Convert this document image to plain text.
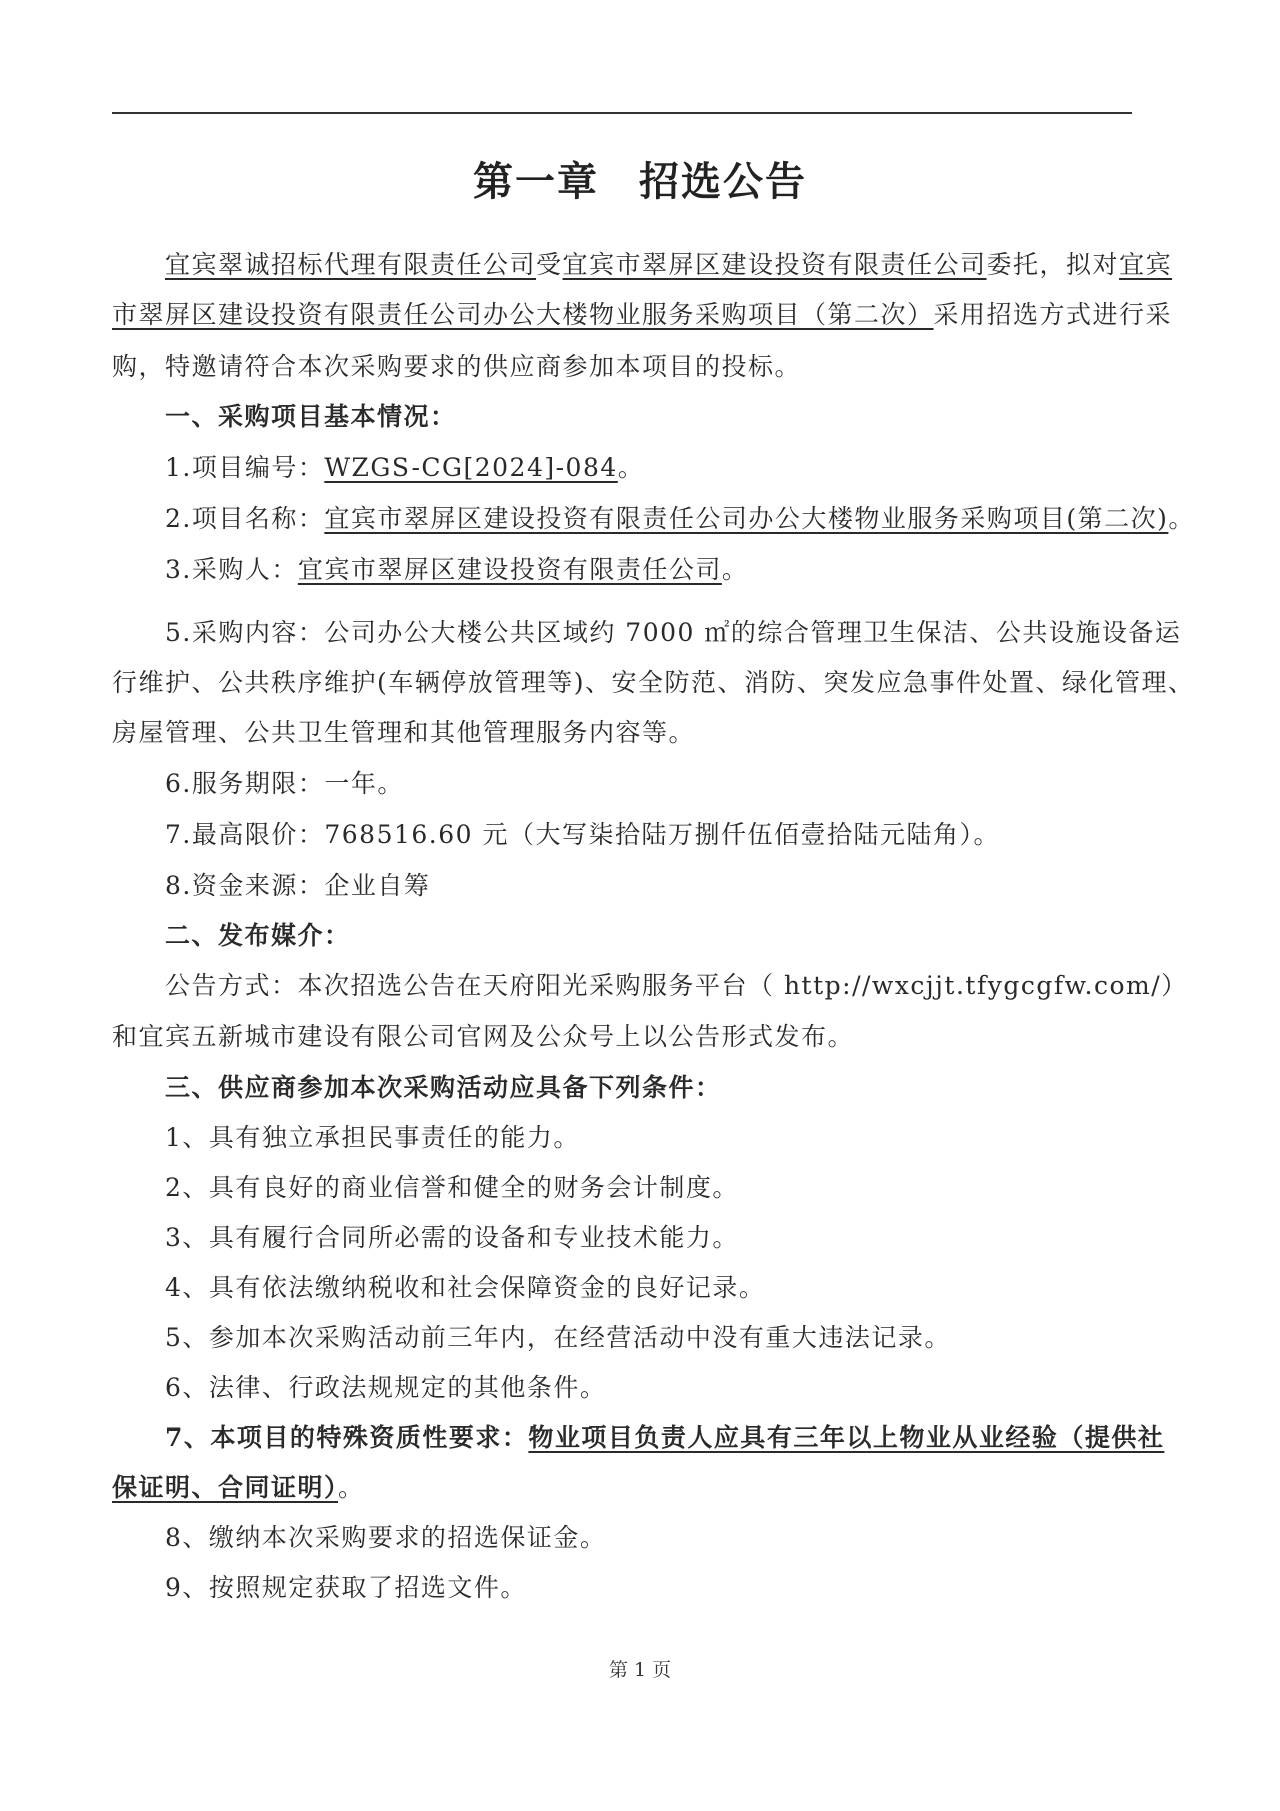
第一章 招选公告
宜宾翠诚招标代理有限责任公司受宜宾市翠屏区建设投资有限责任公司委托，拟对宜宾
市翠屏区建设投资有限责任公司办公大楼物业服务采购项目（第二次）采用招选方式进行采
购，特邀请符合本次采购要求的供应商参加本项目的投标。
一、采购项目基本情况：
1.项目编号：WZGS-CG[2024]-084。
2.项目名称：宜宾市翠屏区建设投资有限责任公司办公大楼物业服务采购项目(第二次)。
3.采购人：宜宾市翠屏区建设投资有限责任公司。
5.采购内容：公司办公大楼公共区域约 7000 ㎡的综合管理卫生保洁、公共设施设备运
行维护、公共秩序维护(车辆停放管理等)、安全防范、消防、突发应急事件处置、绿化管理、
房屋管理、公共卫生管理和其他管理服务内容等。
6.服务期限：一年。
7.最高限价：768516.60 元（大写柒拾陆万捌仟伍佰壹拾陆元陆角）。
8.资金来源：企业自筹
二、发布媒介：
公告方式：本次招选公告在天府阳光采购服务平台（ http://wxcjjt.tfygcgfw.com/）
和宜宾五新城市建设有限公司官网及公众号上以公告形式发布。
三、供应商参加本次采购活动应具备下列条件：
1、具有独立承担民事责任的能力。
2、具有良好的商业信誉和健全的财务会计制度。
3、具有履行合同所必需的设备和专业技术能力。
4、具有依法缴纳税收和社会保障资金的良好记录。
5、参加本次采购活动前三年内，在经营活动中没有重大违法记录。
6、法律、行政法规规定的其他条件。
7、本项目的特殊资质性要求：物业项目负责人应具有三年以上物业从业经验（提供社
保证明、合同证明）。
8、缴纳本次采购要求的招选保证金。
9、按照规定获取了招选文件。
第 1 页
